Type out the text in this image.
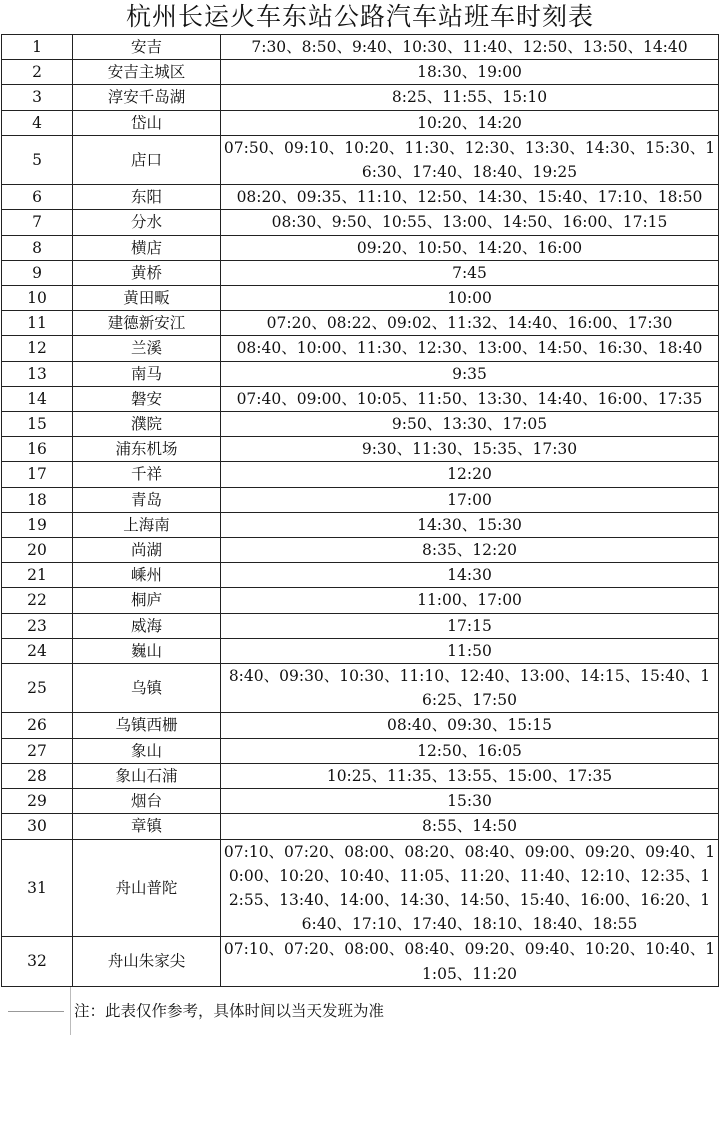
杭州长运火车东站公路汽车站班车时刻表
1	安吉	7:30、8:50、9:40、10:30、11:40、12:50、13:50、14:40
2	安吉主城区	18:30、19:00
3	淳安千岛湖	8:25、11:55、15:10
4	岱山	10:20、14:20
5	店口	07:50、09:10、10:20、11:30、12:30、13:30、14:30、15:30、16:30、17:40、18:40、19:25
6	东阳	08:20、09:35、11:10、12:50、14:30、15:40、17:10、18:50
7	分水	08:30、9:50、10:55、13:00、14:50、16:00、17:15
8	横店	09:20、10:50、14:20、16:00
9	黄桥	7:45
10	黄田畈	10:00
11	建德新安江	07:20、08:22、09:02、11:32、14:40、16:00、17:30
12	兰溪	08:40、10:00、11:30、12:30、13:00、14:50、16:30、18:40
13	南马	9:35
14	磐安	07:40、09:00、10:05、11:50、13:30、14:40、16:00、17:35
15	濮院	9:50、13:30、17:05
16	浦东机场	9:30、11:30、15:35、17:30
17	千祥	12:20
18	青岛	17:00
19	上海南	14:30、15:30
20	尚湖	8:35、12:20
21	嵊州	14:30
22	桐庐	11:00、17:00
23	威海	17:15
24	巍山	11:50
25	乌镇	8:40、09:30、10:30、11:10、12:40、13:00、14:15、15:40、16:25、17:50
26	乌镇西栅	08:40、09:30、15:15
27	象山	12:50、16:05
28	象山石浦	10:25、11:35、13:55、15:00、17:35
29	烟台	15:30
30	章镇	8:55、14:50
31	舟山普陀	07:10、07:20、08:00、08:20、08:40、09:00、09:20、09:40、10:00、10:20、10:40、11:05、11:20、11:40、12:10、12:35、12:55、13:40、14:00、14:30、14:50、15:40、16:00、16:20、16:40、17:10、17:40、18:10、18:40、18:55
32	舟山朱家尖	07:10、07:20、08:00、08:40、09:20、09:40、10:20、10:40、11:05、11:20
注：此表仅作参考，具体时间以当天发班为准
